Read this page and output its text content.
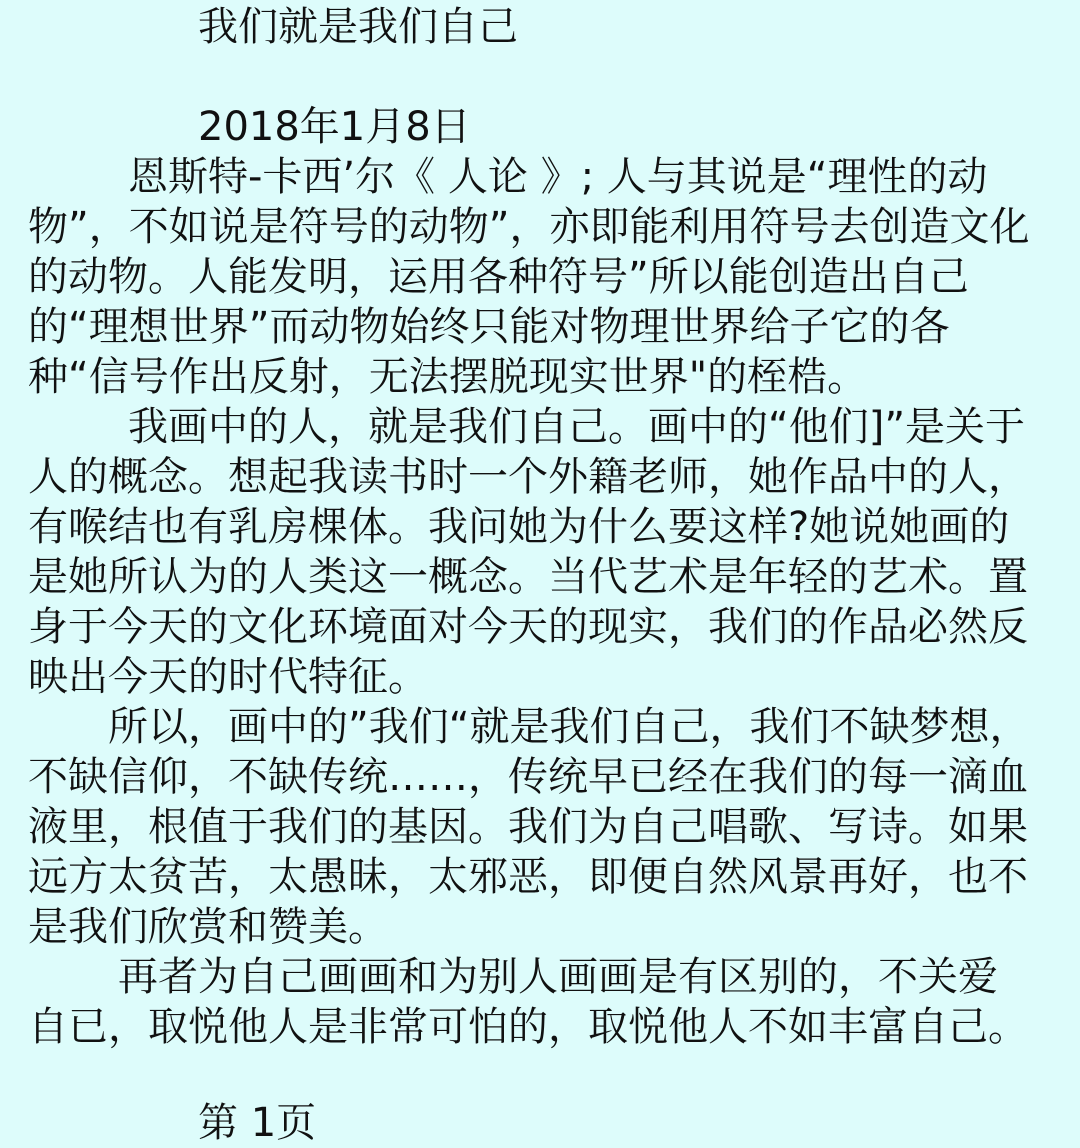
我们就是我们自己
2018年1月8日
恩斯特-卡西’尔《 人论 》; 人与其说是“理性的动
物”，不如说是符号的动物”，亦即能利用符号去创造文化
的动物。人能发明，运用各种符号”所以能创造出自己
的“理想世界”而动物始终只能对物理世界给子它的各
种“信号作出反射，无法摆脱现实世界"的桎梏。
我画中的人，就是我们自己。画中的“他们]”是关于
人的概念。想起我读书时一个外籍老师，她作品中的人，
有喉结也有乳房棵体。我问她为什么要这样?她说她画的
是她所认为的人类这一概念。当代艺术是年轻的艺术。置
身于今天的文化环境面对今天的现实，我们的作品必然反
映出今天的时代特征。
所以，画中的”我们“就是我们自己，我们不缺梦想，
不缺信仰，不缺传统……，传统早已经在我们的每一滴血
液里，根值于我们的基因。我们为自己唱歌、写诗。如果
远方太贫苦，太愚昧，太邪恶，即便自然风景再好，也不
是我们欣赏和赞美。
再者为自己画画和为别人画画是有区别的，不关爱
自已，取悦他人是非常可怕的，取悦他人不如丰富自己。
第 1页
